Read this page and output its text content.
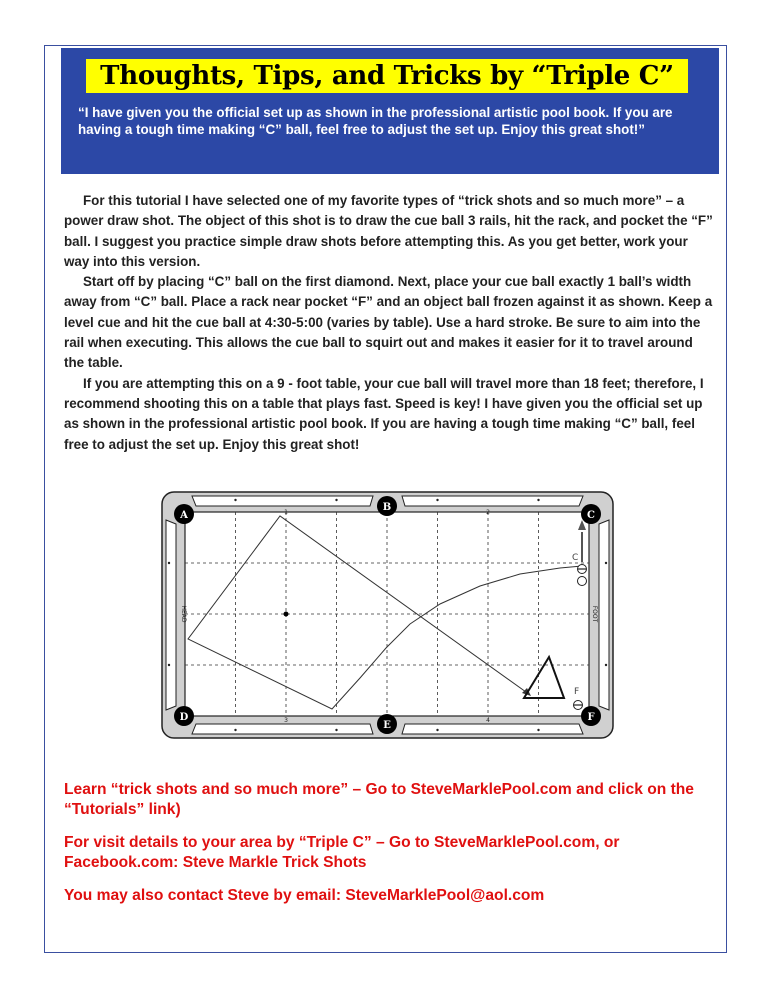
Thoughts, Tips, and Tricks by “Triple C”
“I have given you the official set up as shown in the professional artistic pool book. If you are having a tough time making “C” ball, feel free to adjust the set up. Enjoy this great shot!”

For this tutorial I have selected one of my favorite types of “trick shots and so much more” – a power draw shot. The object of this shot is to draw the cue ball 3 rails, hit the rack, and pocket the “F” ball. I suggest you practice simple draw shots before attempting this. As you get better, work your way into this version.

Start off by placing “C” ball on the first diamond. Next, place your cue ball exactly 1 ball’s width away from “C” ball. Place a rack near pocket “F” and an object ball frozen against it as shown. Keep a level cue and hit the cue ball at 4:30-5:00 (varies by table). Use a hard stroke. Be sure to aim into the rail when executing. This allows the cue ball to squirt out and makes it easier for it to travel around the table.

If you are attempting this on a 9 - foot table, your cue ball will travel more than 18 feet; therefore, I recommend shooting this on a table that plays fast. Speed is key! I have given you the official set up as shown in the professional artistic pool book. If you are having a tough time making “C” ball, feel free to adjust the set up. Enjoy this great shot!

1	2
3	4
HEAD	FOOT
C
F
A
B
C
D
E
F

Learn “trick shots and so much more” – Go to SteveMarklePool.com and click on the “Tutorials” link)

For visit details to your area by “Triple C” – Go to SteveMarklePool.com, or Facebook.com: Steve Markle Trick Shots

You may also contact Steve by email: SteveMarklePool@aol.com
